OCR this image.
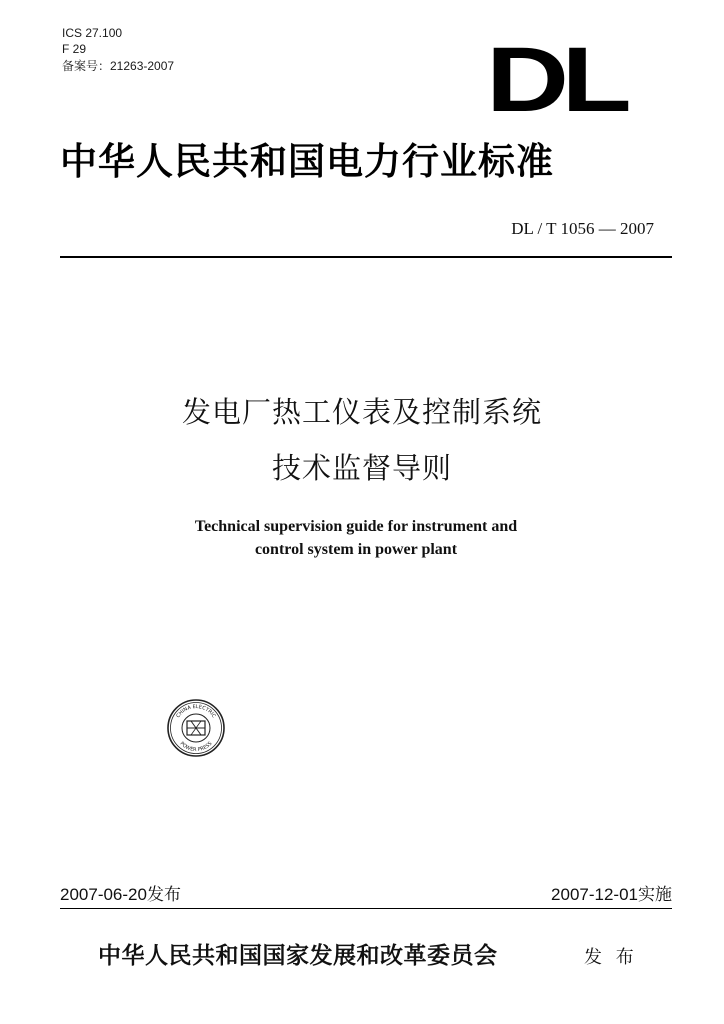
ICS 27.100
F 29
备案号：21263-2007	DL
中华人民共和国电力行业标准
DL / T 1056 — 2007
发电厂热工仪表及控制系统
技术监督导则
Technical supervision guide for instrument and
control system in power plant
CHINA ELECTRIC
POWER PRESS
2007-06-20发布	2007-12-01实施
中华人民共和国国家发展和改革委员会	发 布
